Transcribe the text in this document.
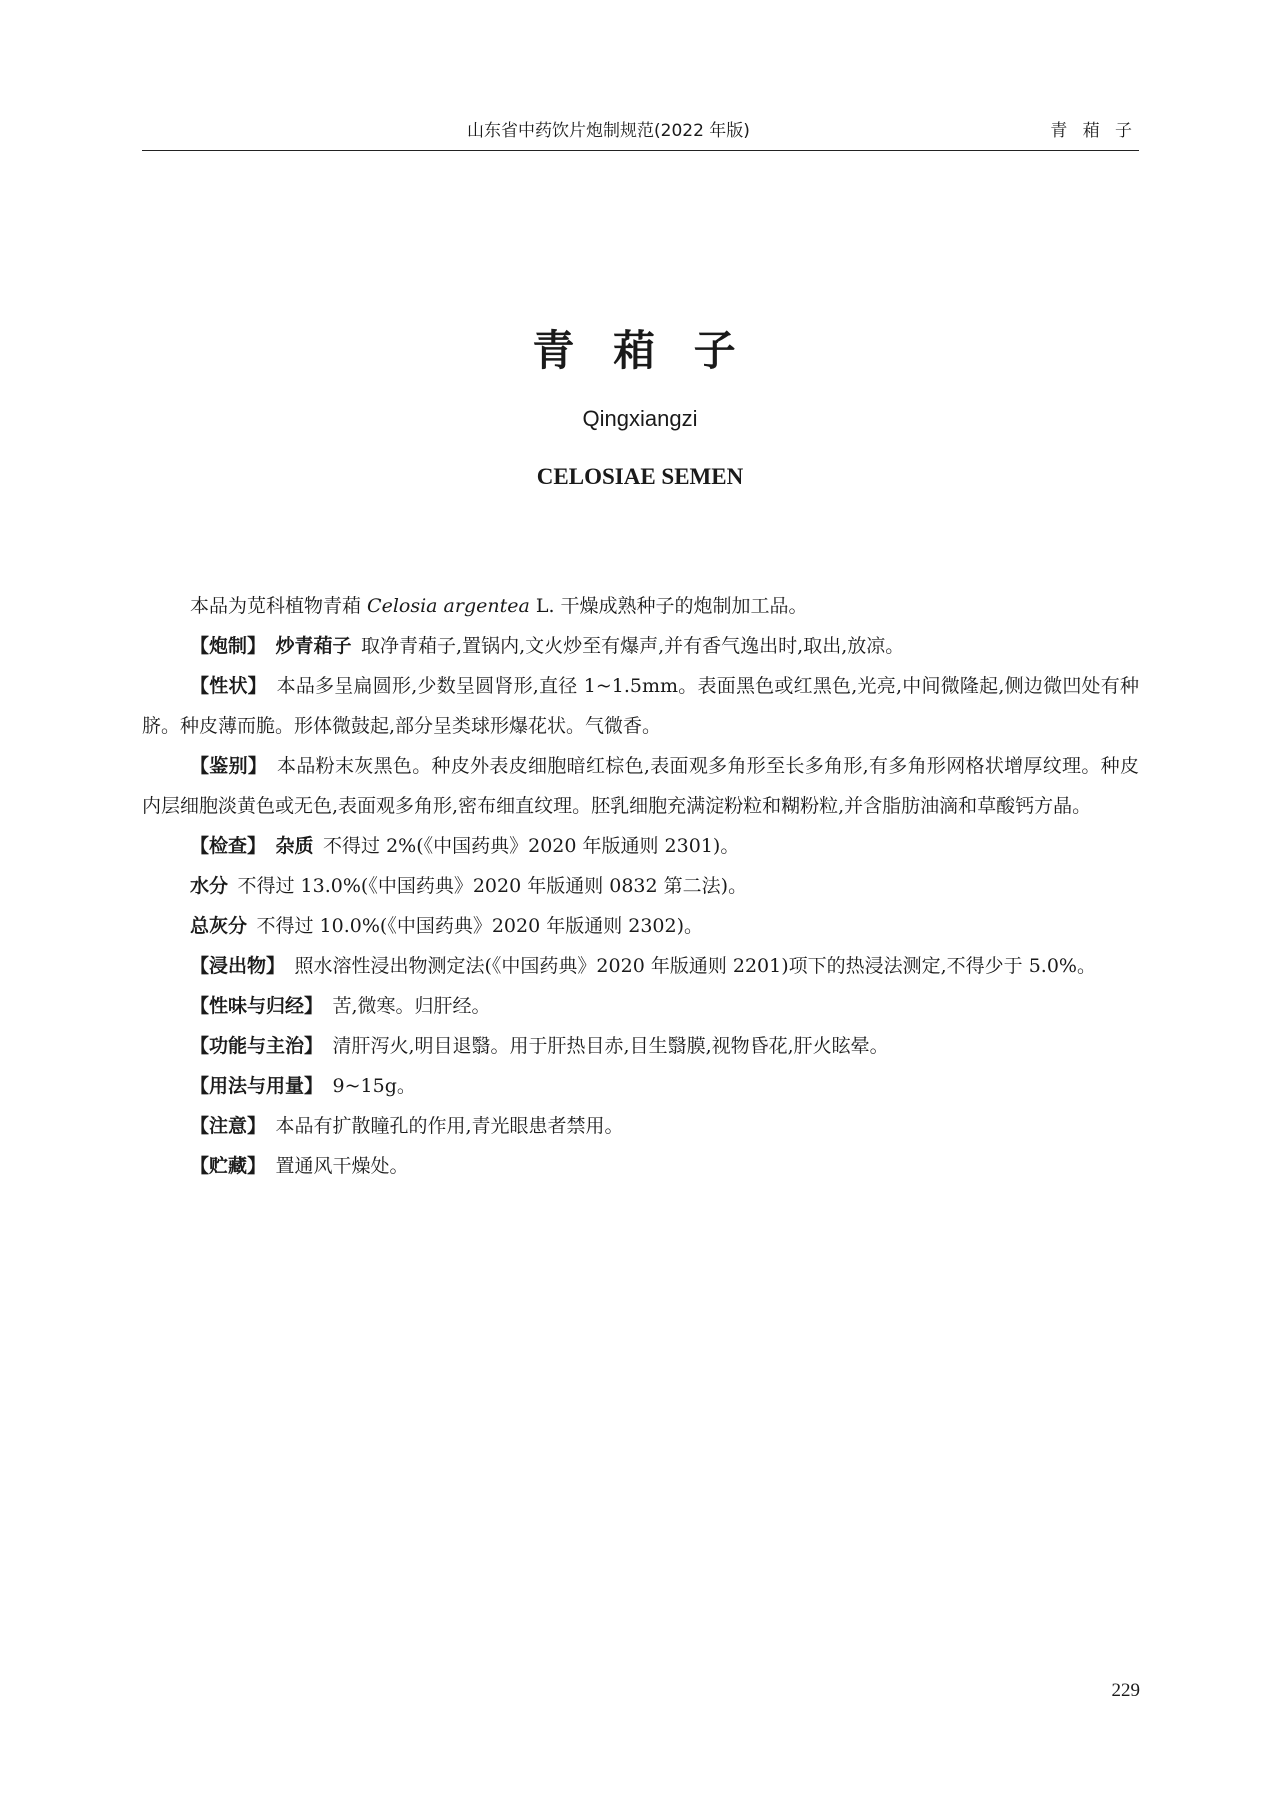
山东省中药饮片炮制规范(2022 年版)	青 葙 子
青 葙 子
Qingxiangzi
CELOSIAE SEMEN

本品为苋科植物青葙 Celosia argentea L. 干燥成熟种子的炮制加工品。

【炮制】  炒青葙子  取净青葙子,置锅内,文火炒至有爆声,并有香气逸出时,取出,放凉。

【性状】  本品多呈扁圆形,少数呈圆肾形,直径 1~1.5mm。表面黑色或红黑色,光亮,中间微隆起,侧边微凹处有种脐。种皮薄而脆。形体微鼓起,部分呈类球形爆花状。气微香。

【鉴别】  本品粉末灰黑色。种皮外表皮细胞暗红棕色,表面观多角形至长多角形,有多角形网格状增厚纹理。种皮内层细胞淡黄色或无色,表面观多角形,密布细直纹理。胚乳细胞充满淀粉粒和糊粉粒,并含脂肪油滴和草酸钙方晶。

【检查】  杂质  不得过 2%(《中国药典》2020 年版通则 2301)。

水分  不得过 13.0%(《中国药典》2020 年版通则 0832 第二法)。

总灰分  不得过 10.0%(《中国药典》2020 年版通则 2302)。

【浸出物】  照水溶性浸出物测定法(《中国药典》2020 年版通则 2201)项下的热浸法测定,不得少于 5.0%。

【性味与归经】  苦,微寒。归肝经。

【功能与主治】  清肝泻火,明目退翳。用于肝热目赤,目生翳膜,视物昏花,肝火眩晕。

【用法与用量】  9~15g。

【注意】  本品有扩散瞳孔的作用,青光眼患者禁用。

【贮藏】  置通风干燥处。

229
